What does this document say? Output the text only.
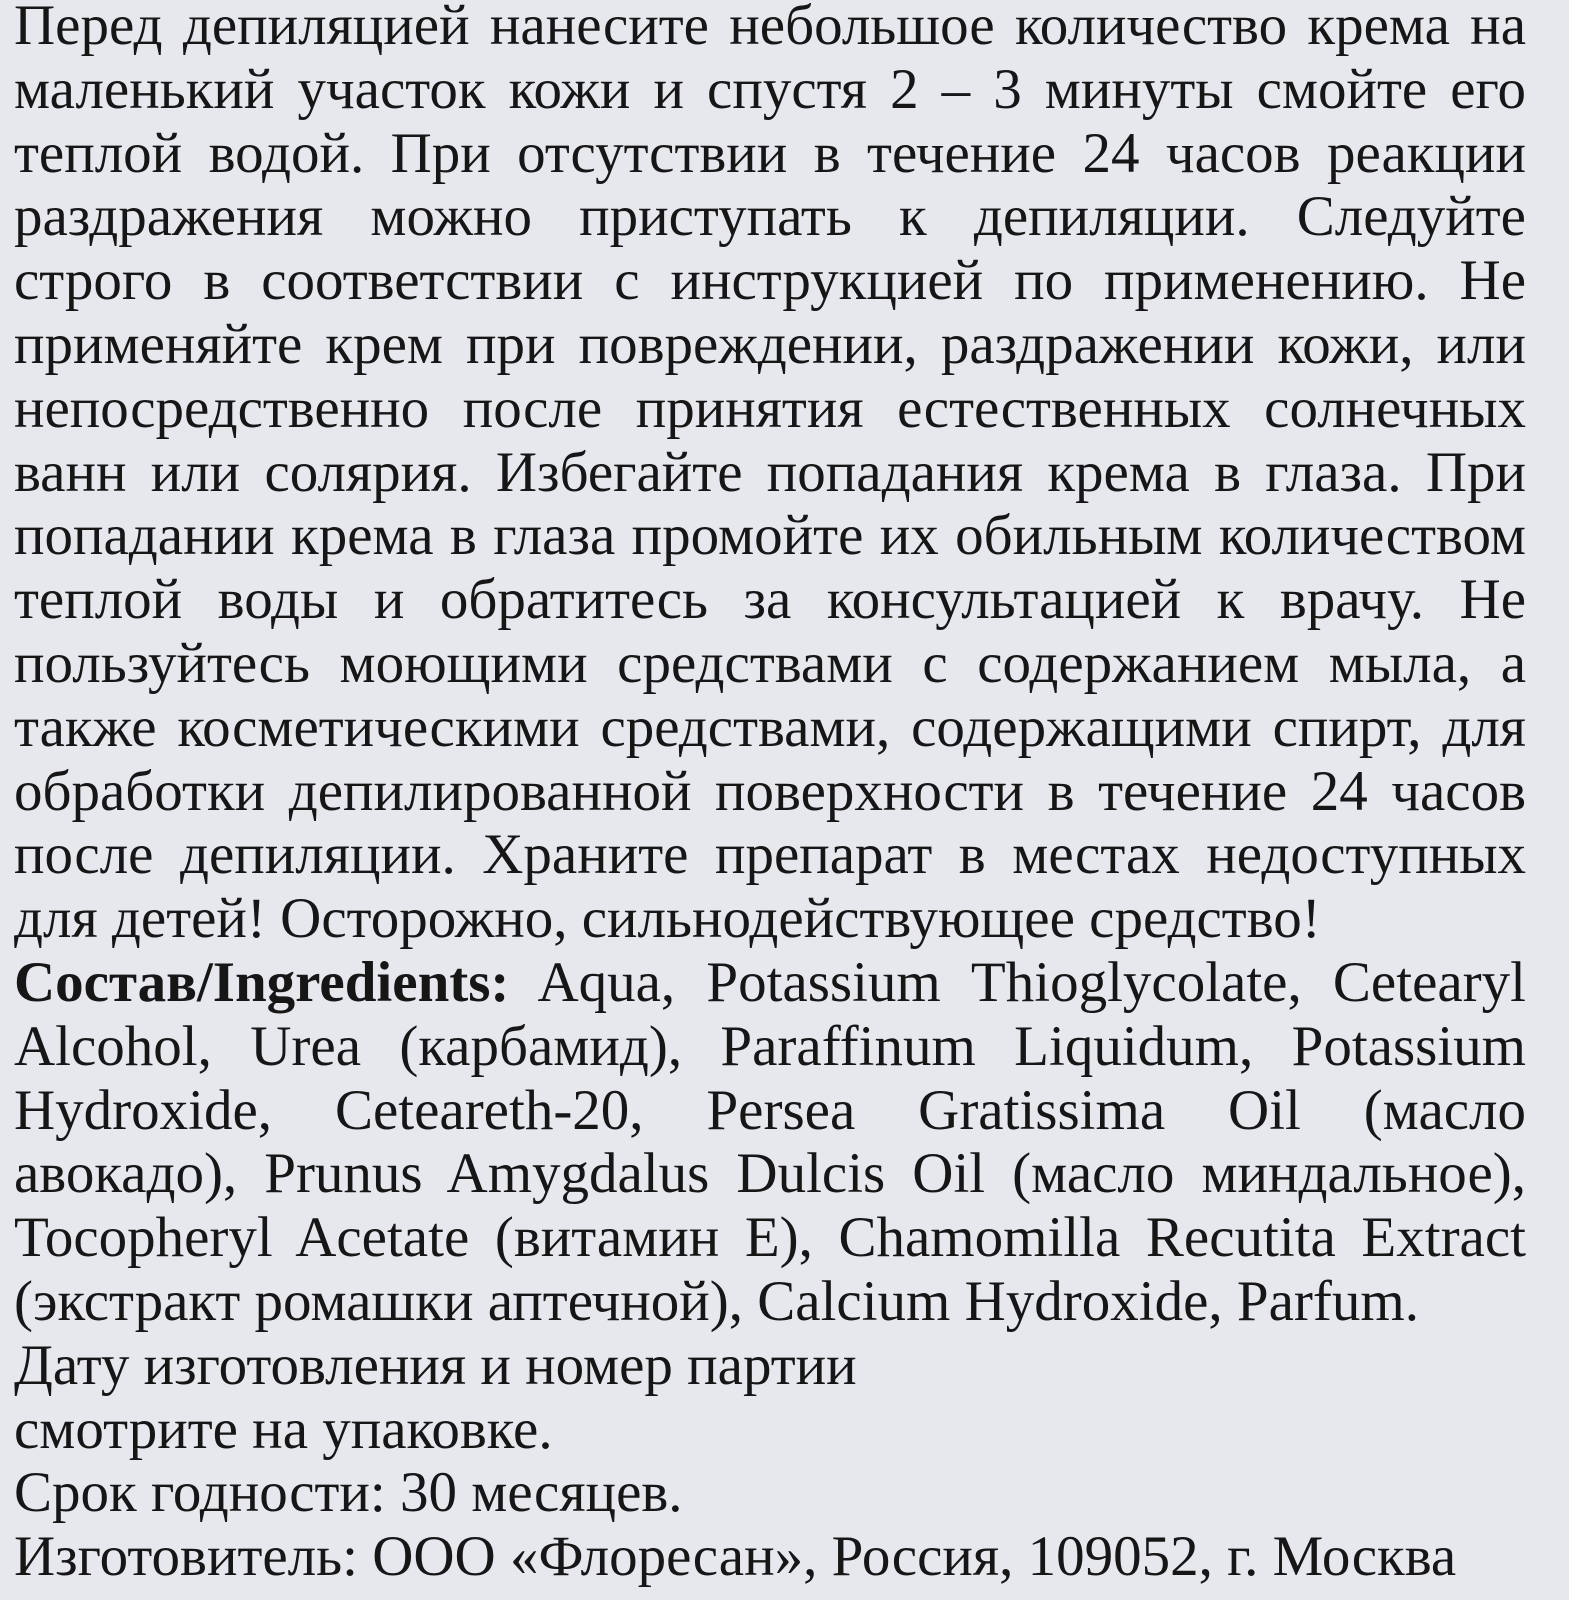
Перед депиляцией нанесите небольшое количество крема на
маленький участок кожи и спустя 2 – 3 минуты смойте его
теплой водой. При отсутствии в течение 24 часов реакции
раздражения можно приступать к депиляции. Следуйте
строго в соответствии с инструкцией по применению. Не
применяйте крем при повреждении, раздражении кожи, или
непосредственно после принятия естественных солнечных
ванн или солярия. Избегайте попадания крема в глаза. При
попадании крема в глаза промойте их обильным количеством
теплой воды и обратитесь за консультацией к врачу. Не
пользуйтесь моющими средствами с содержанием мыла, а
также косметическими средствами, содержащими спирт, для
обработки депилированной поверхности в течение 24 часов
после депиляции. Храните препарат в местах недоступных
для детей! Осторожно, сильнодействующее средство!
Состав/Ingredients: Aqua, Potassium Thioglycolate, Cetearyl
Alcohol, Urea (карбамид), Paraffinum Liquidum, Potassium
Hydroxide, Ceteareth-20, Persea Gratissima Oil (масло
авокадо), Prunus Amygdalus Dulcis Oil (масло миндальное),
Tocopheryl Acetate (витамин E), Chamomilla Recutita Extract
(экстракт ромашки аптечной), Calcium Hydroxide, Parfum.
Дату изготовления и номер партии
смотрите на упаковке.
Срок годности: 30 месяцев.
Изготовитель: ООО «Флоресан», Россия, 109052, г. Москва
